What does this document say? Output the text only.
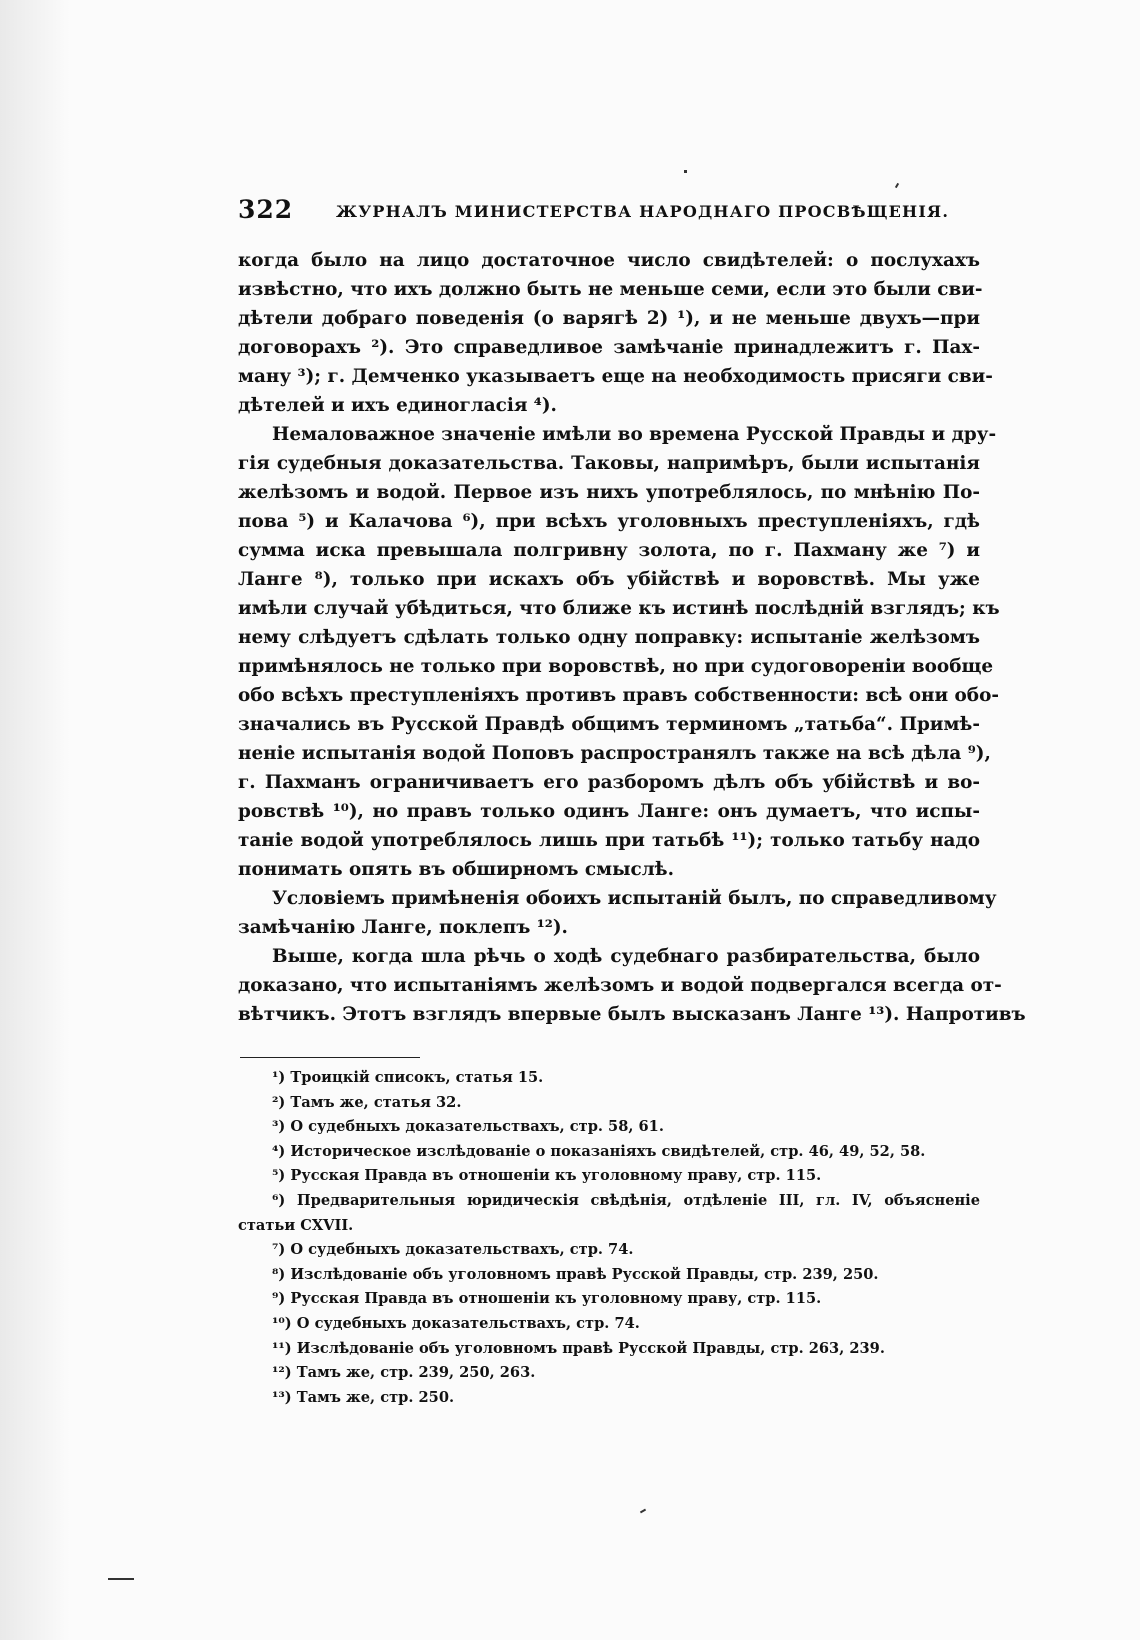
322	ЖУРНАЛЪ МИНИСТЕРСТВА НАРОДНАГО ПРОСВѢЩЕНІЯ.
когда было на лицо достаточное число свидѣтелей: о послухахъ
извѣстно, что ихъ должно быть не меньше семи, если это были сви-
дѣтели добраго поведенія (о варягѣ 2) ¹), и не меньше двухъ—при
договорахъ ²). Это справедливое замѣчаніе принадлежитъ г. Пах-
ману ³); г. Демченко указываетъ еще на необходимость присяги сви-
дѣтелей и ихъ единогласія ⁴).
Немаловажное значеніе имѣли во времена Русской Правды и дру-
гія судебныя доказательства. Таковы, напримѣръ, были испытанія
желѣзомъ и водой. Первое изъ нихъ употреблялось, по мнѣнію По-
пова ⁵) и Калачова ⁶), при всѣхъ уголовныхъ преступленіяхъ, гдѣ
сумма иска превышала полгривну золота, по г. Пахману же ⁷) и
Ланге ⁸), только при искахъ объ убійствѣ и воровствѣ. Мы уже
имѣли случай убѣдиться, что ближе къ истинѣ послѣдній взглядъ; къ
нему слѣдуетъ сдѣлать только одну поправку: испытаніе желѣзомъ
примѣнялось не только при воровствѣ, но при судоговореніи вообще
обо всѣхъ преступленіяхъ противъ правъ собственности: всѣ они обо-
значались въ Русской Правдѣ общимъ терминомъ „татьба“. Примѣ-
неніе испытанія водой Поповъ распространялъ также на всѣ дѣла ⁹),
г. Пахманъ ограничиваетъ его разборомъ дѣлъ объ убійствѣ и во-
ровствѣ ¹⁰), но правъ только одинъ Ланге: онъ думаетъ, что испы-
таніе водой употреблялось лишь при татьбѣ ¹¹); только татьбу надо
понимать опять въ обширномъ смыслѣ.
Условіемъ примѣненія обоихъ испытаній былъ, по справедливому
замѣчанію Ланге, поклепъ ¹²).
Выше, когда шла рѣчь о ходѣ судебнаго разбирательства, было
доказано, что испытаніямъ желѣзомъ и водой подвергался всегда от-
вѣтчикъ. Этотъ взглядъ впервые былъ высказанъ Ланге ¹³). Напротивъ
¹) Троицкій списокъ, статья 15.
²) Тамъ же, статья 32.
³) О судебныхъ доказательствахъ, стр. 58, 61.
⁴) Историческое изслѣдованіе о показаніяхъ свидѣтелей, стр. 46, 49, 52, 58.
⁵) Русская Правда въ отношеніи къ уголовному праву, стр. 115.
⁶) Предварительныя юридическія свѣдѣнія, отдѣленіе III, гл. IV, объясненіе
статьи CXVII.
⁷) О судебныхъ доказательствахъ, стр. 74.
⁸) Изслѣдованіе объ уголовномъ правѣ Русской Правды, стр. 239, 250.
⁹) Русская Правда въ отношеніи къ уголовному праву, стр. 115.
¹⁰) О судебныхъ доказательствахъ, стр. 74.
¹¹) Изслѣдованіе объ уголовномъ правѣ Русской Правды, стр. 263, 239.
¹²) Тамъ же, стр. 239, 250, 263.
¹³) Тамъ же, стр. 250.
